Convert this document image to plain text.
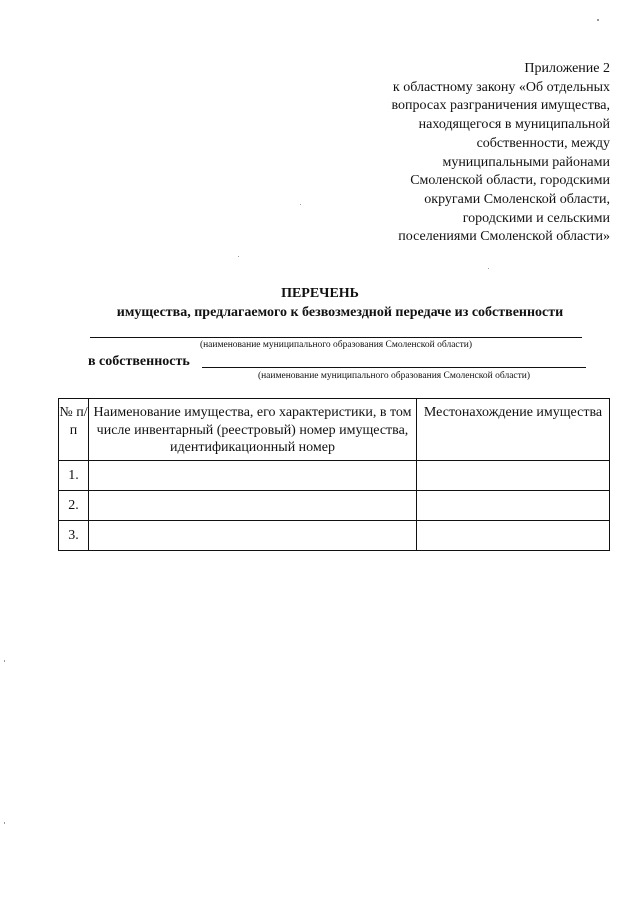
Приложение 2
к областному закону «Об отдельных
вопросах разграничения имущества,
находящегося в муниципальной
собственности, между
муниципальными районами
Смоленской области, городскими
округами Смоленской области,
городскими и сельскими
поселениями Смоленской области»
ПЕРЕЧЕНЬ
имущества, предлагаемого к безвозмездной передаче из собственности
(наименование муниципального образования Смоленской области)
в собственность
(наименование муниципального образования Смоленской области)
№ п/п	Наименование имущества, его характеристики, в том числе инвентарный (реестровый) номер имущества, идентификационный номер	Местонахождение имущества
1.		
2.		
3.		
